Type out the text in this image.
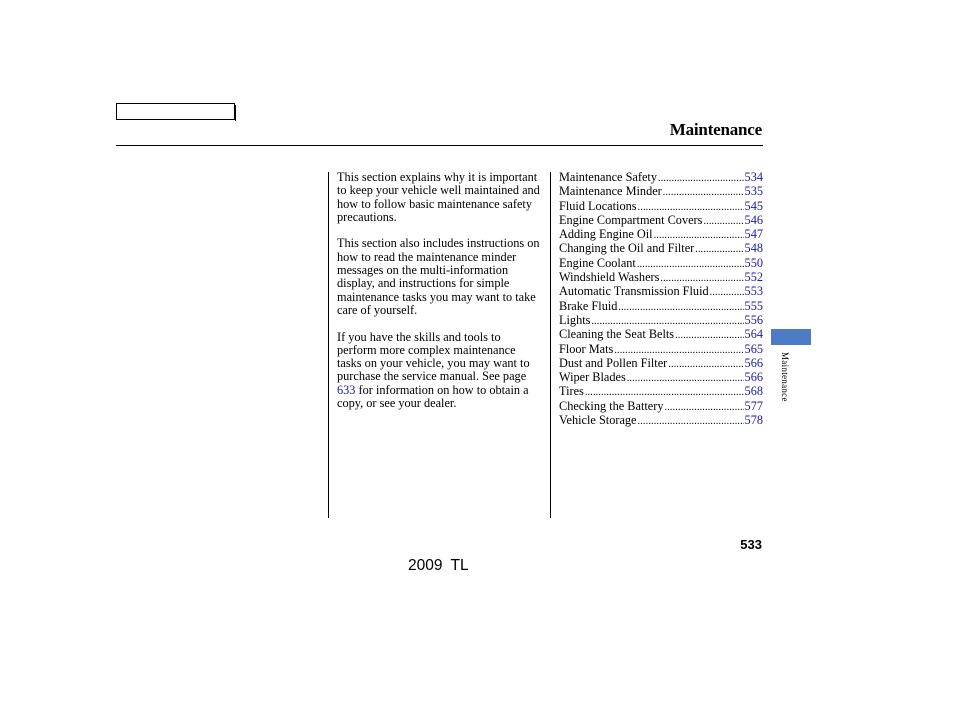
Maintenance

This section explains why it is important to keep your vehicle well maintained and how to follow basic maintenance safety precautions.

This section also includes instructions on how to read the maintenance minder messages on the multi-information display, and instructions for simple maintenance tasks you may want to take care of yourself.

If you have the skills and tools to perform more complex maintenance tasks on your vehicle, you may want to purchase the service manual. See page 633 for information on how to obtain a copy, or see your dealer.

Maintenance Safety .....	534
Maintenance Minder .....	535
Fluid Locations .....	545
Engine Compartment Covers .....	546
Adding Engine Oil .....	547
Changing the Oil and Filter .....	548
Engine Coolant .....	550
Windshield Washers .....	552
Automatic Transmission Fluid .....	553
Brake Fluid .....	555
Lights .....	556
Cleaning the Seat Belts .....	564
Floor Mats .....	565
Dust and Pollen Filter .....	566
Wiper Blades .....	566
Tires .....	568
Checking the Battery .....	577
Vehicle Storage .....	578
Maintenance
533
2009 TL
